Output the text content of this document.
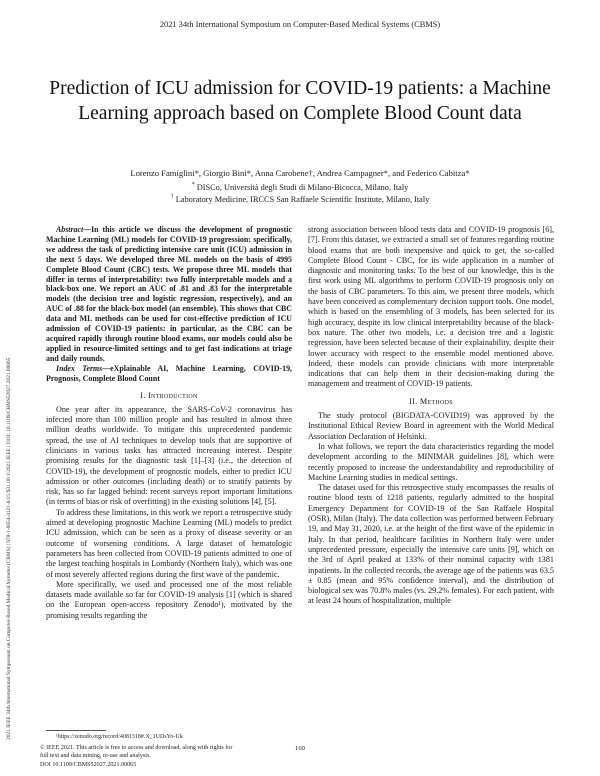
2021 34th International Symposium on Computer-Based Medical Systems (CBMS)
2021 IEEE 34th International Symposium on Computer-Based Medical Systems (CBMS) | 978-1-6654-4121-6/21/$31.00 ©2021 IEEE | DOI: 10.1109/CBMS52027.2021.00065
Prediction of ICU admission for COVID-19 patients: a Machine Learning approach based on Complete Blood Count data
Lorenzo Famiglini*, Giorgio Bini*, Anna Carobene†, Andrea Campagner*, and Federico Cabitza*
* DISCo, Università degli Studi di Milano-Bicocca, Milano, Italy
† Laboratory Medicine, IRCCS San Raffaele Scientific Institute, Milano, Italy

Abstract—In this article we discuss the development of prognostic Machine Learning (ML) models for COVID-19 progression: specifically, we address the task of predicting intensive care unit (ICU) admission in the next 5 days. We developed three ML models on the basis of 4995 Complete Blood Count (CBC) tests. We propose three ML models that differ in terms of interpretability: two fully interpretable models and a black-box one. We report an AUC of .81 and .83 for the interpretable models (the decision tree and logistic regression, respectively), and an AUC of .88 for the black-box model (an ensemble). This shows that CBC data and ML methods can be used for cost-effective prediction of ICU admission of COVID-19 patients: in particular, as the CBC can be acquired rapidly through routine blood exams, our models could also be applied in resource-limited settings and to get fast indications at triage and daily rounds.

Index Terms—eXplainable AI, Machine Learning, COVID-19, Prognosis, Complete Blood Count

I. Introduction

One year after its appearance, the SARS-CoV-2 coronavirus has infected more than 100 million people and has resulted in almost three million deaths worldwide. To mitigate this unprecedented pandemic spread, the use of AI techniques to develop tools that are supportive of clinicians in various tasks has attracted increasing interest. Despite promising results for the diagnostic task [1]–[3] (i.e., the detection of COVID-19), the development of prognostic models, either to predict ICU admission or other outcomes (including death) or to stratify patients by risk, has so far lagged behind: recent surveys report important limitations (in terms of bias or risk of overfitting) in the existing solutions [4], [5].

To address these limitations, in this work we report a retrospective study aimed at developing prognostic Machine Learning (ML) models to predict ICU admission, which can be seen as a proxy of disease severity or an outcome of worsening conditions. A large dataset of hematologic parameters has been collected from COVID-19 patients admitted to one of the largest teaching hospitals in Lombardy (Northern Italy), which was one of most severely affected regions during the first wave of the pandemic.

More specifically, we used and processed one of the most reliable datasets made available so far for COVID-19 analysis [1] (which is shared on the European open-access repository Zenodo¹), motivated by the promising results regarding the

strong association between blood tests data and COVID-19 prognosis [6], [7]. From this dataset, we extracted a small set of features regarding routine blood exams that are both inexpensive and quick to get, the so-called Complete Blood Count - CBC, for its wide application in a number of diagnostic and monitoring tasks. To the best of our knowledge, this is the first work using ML algorithms to perform COVID-19 prognosis only on the basis of CBC parameters. To this aim, we present three models, which have been conceived as complementary decision support tools. One model, which is based on the ensembling of 3 models, has been selected for its high accuracy, despite its low clinical interpretability because of the black-box nature. The other two models, i.e. a decision tree and a logistic regression, have been selected because of their explainability, despite their lower accuracy with respect to the ensemble model mentioned above. Indeed, these models can provide clinicians with more interpretable indications that can help them in their decision-making during the management and treatment of COVID-19 patients.

II. Methods

The study protocol (BIGDATA-COVID19) was approved by the Institutional Ethical Review Board in agreement with the World Medical Association Declaration of Helsinki.

In what follows, we report the data characteristics regarding the model development according to the MINIMAR guidelines [8], which were recently proposed to increase the understandability and reproducibility of Machine Learning studies in medical settings.

The dataset used for this retrospective study encompasses the results of routine blood tests of 1218 patients, regularly admitted to the hospital Emergency Department for COVID-19 of the San Raffaele Hospital (OSR), Milan (Italy). The data collection was performed between February 19, and May 31, 2020, i.e. at the height of the first wave of the epidemic in Italy. In that period, healthcare facilities in Northern Italy were under unprecedented pressure, especially the intensive care units [9], which on the 3rd of April peaked at 133% of their nominal capacity with 1381 inpatients. In the collected records, the average age of the patients was 63.5 ± 0.85 (mean and 95% confidence interval), and the distribution of biological sex was 70.8% males (vs. 29.2% females). For each patient, with at least 24 hours of hospitalization, multiple

¹https://zenodo.org/record/4081318#.X_1UDsYo-Uk
© IEEE 2021. This article is free to access and download, along with rights for full text and data mining, re-use and analysis.
160
DOI 10.1109/CBMS52027.2021.00065
